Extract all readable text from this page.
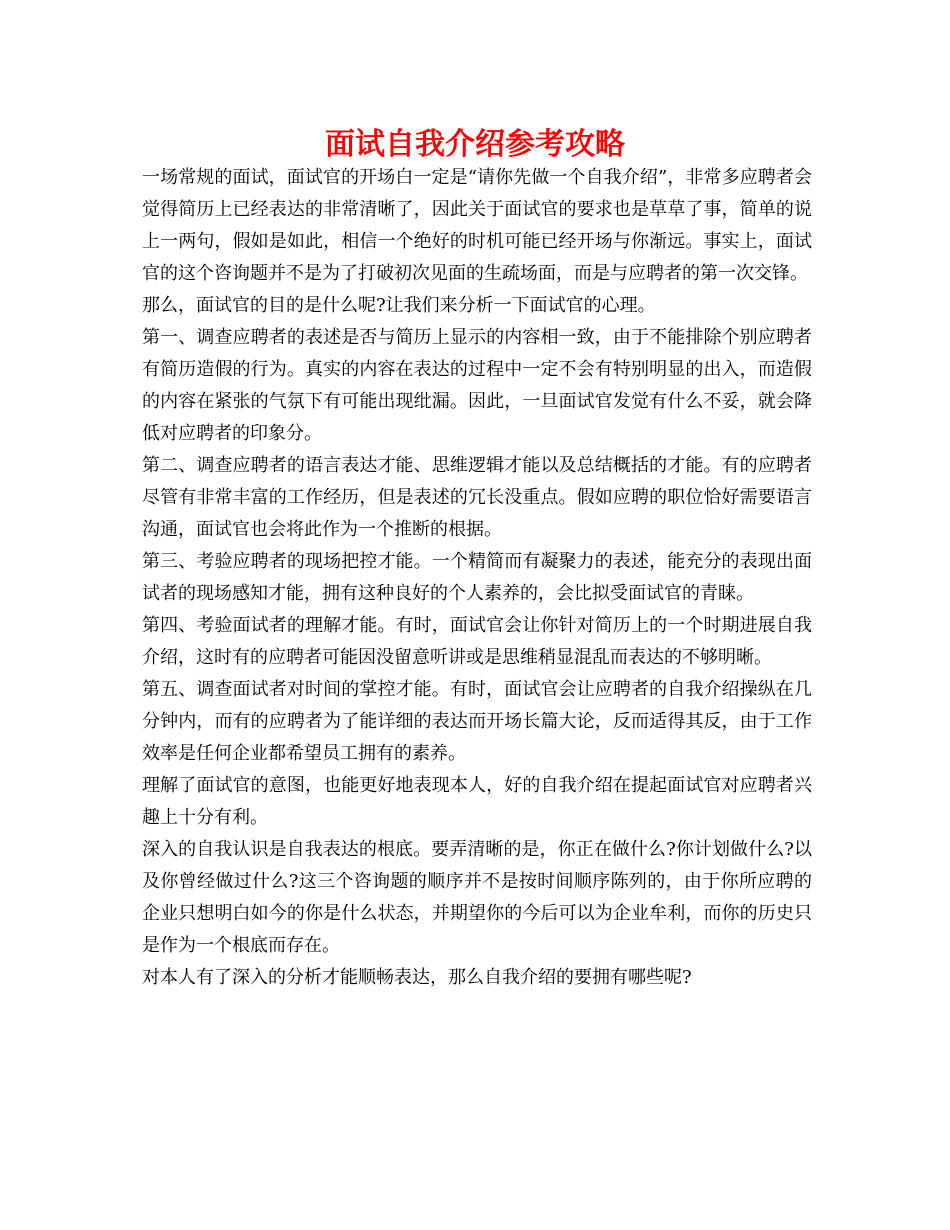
面试自我介绍参考攻略

一场常规的面试，面试官的开场白一定是“请你先做一个自我介绍”，非常多应聘者会觉得简历上已经表达的非常清晰了，因此关于面试官的要求也是草草了事，简单的说上一两句，假如是如此，相信一个绝好的时机可能已经开场与你渐远。事实上，面试官的这个咨询题并不是为了打破初次见面的生疏场面，而是与应聘者的第一次交锋。

那么，面试官的目的是什么呢?让我们来分析一下面试官的心理。

第一、调查应聘者的表述是否与简历上显示的内容相一致，由于不能排除个别应聘者有简历造假的行为。真实的内容在表达的过程中一定不会有特别明显的出入，而造假的内容在紧张的气氛下有可能出现纰漏。因此，一旦面试官发觉有什么不妥，就会降低对应聘者的印象分。

第二、调查应聘者的语言表达才能、思维逻辑才能以及总结概括的才能。有的应聘者尽管有非常丰富的工作经历，但是表述的冗长没重点。假如应聘的职位恰好需要语言沟通，面试官也会将此作为一个推断的根据。

第三、考验应聘者的现场把控才能。一个精简而有凝聚力的表述，能充分的表现出面试者的现场感知才能，拥有这种良好的个人素养的，会比拟受面试官的青睐。

第四、考验面试者的理解才能。有时，面试官会让你针对简历上的一个时期进展自我介绍，这时有的应聘者可能因没留意听讲或是思维稍显混乱而表达的不够明晰。

第五、调查面试者对时间的掌控才能。有时，面试官会让应聘者的自我介绍操纵在几分钟内，而有的应聘者为了能详细的表达而开场长篇大论，反而适得其反，由于工作效率是任何企业都希望员工拥有的素养。

理解了面试官的意图，也能更好地表现本人，好的自我介绍在提起面试官对应聘者兴趣上十分有利。

深入的自我认识是自我表达的根底。要弄清晰的是，你正在做什么?你计划做什么?以及你曾经做过什么?这三个咨询题的顺序并不是按时间顺序陈列的，由于你所应聘的企业只想明白如今的你是什么状态，并期望你的今后可以为企业牟利，而你的历史只是作为一个根底而存在。

对本人有了深入的分析才能顺畅表达，那么自我介绍的要拥有哪些呢?
